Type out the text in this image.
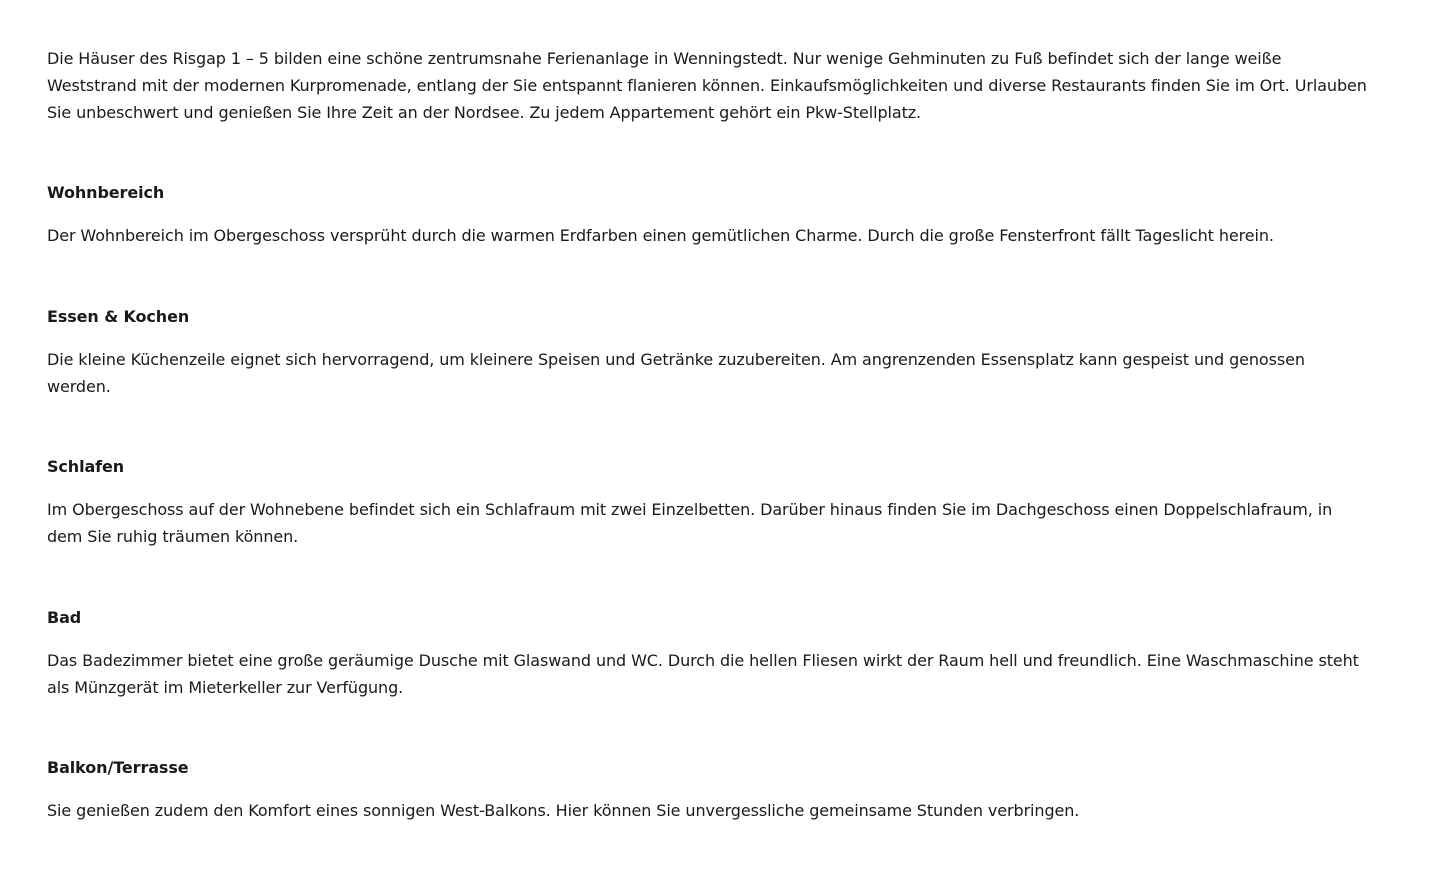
Die Häuser des Risgap 1 – 5 bilden eine schöne zentrumsnahe Ferienanlage in Wenningstedt. Nur wenige Gehminuten zu Fuß befindet sich der lange weiße Weststrand mit der modernen Kurpromenade, entlang der Sie entspannt flanieren können. Einkaufsmöglichkeiten und diverse Restaurants finden Sie im Ort. Urlauben Sie unbeschwert und genießen Sie Ihre Zeit an der Nordsee. Zu jedem Appartement gehört ein Pkw-Stellplatz.

Wohnbereich

Der Wohnbereich im Obergeschoss versprüht durch die warmen Erdfarben einen gemütlichen Charme. Durch die große Fensterfront fällt Tageslicht herein.

Essen & Kochen

Die kleine Küchenzeile eignet sich hervorragend, um kleinere Speisen und Getränke zuzubereiten. Am angrenzenden Essensplatz kann gespeist und genossen werden.

Schlafen

Im Obergeschoss auf der Wohnebene befindet sich ein Schlafraum mit zwei Einzelbetten. Darüber hinaus finden Sie im Dachgeschoss einen Doppelschlafraum, in dem Sie ruhig träumen können.

Bad

Das Badezimmer bietet eine große geräumige Dusche mit Glaswand und WC. Durch die hellen Fliesen wirkt der Raum hell und freundlich. Eine Waschmaschine steht als Münzgerät im Mieterkeller zur Verfügung.

Balkon/Terrasse

Sie genießen zudem den Komfort eines sonnigen West-Balkons. Hier können Sie unvergessliche gemeinsame Stunden verbringen.
